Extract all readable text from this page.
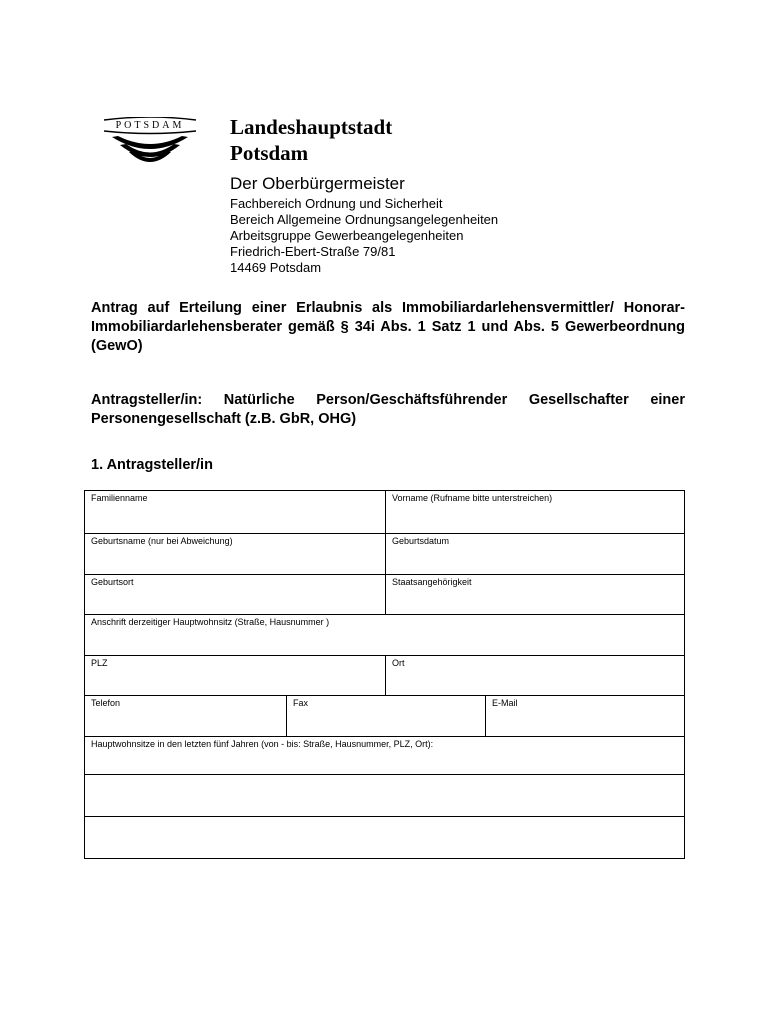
POTSDAM Landeshauptstadt
Potsdam
Der Oberbürgermeister
Fachbereich Ordnung und Sicherheit
Bereich Allgemeine Ordnungsangelegenheiten
Arbeitsgruppe Gewerbeangelegenheiten
Friedrich-Ebert-Straße 79/81
14469 Potsdam
Antrag auf Erteilung einer Erlaubnis als Immobiliardarlehensvermittler/ Honorar-Immobiliardarlehensberater gemäß § 34i Abs. 1 Satz 1 und Abs. 5 Gewerbeordnung (GewO)
Antragsteller/in: Natürliche Person/Geschäftsführender Gesellschafter einer Personengesellschaft (z.B. GbR, OHG)
1. Antragsteller/in
Familienname	Vorname (Rufname bitte unterstreichen)
Geburtsname (nur bei Abweichung)	Geburtsdatum
Geburtsort	Staatsangehörigkeit
Anschrift derzeitiger Hauptwohnsitz (Straße, Hausnummer )
PLZ	Ort
Telefon	Fax	E-Mail
Hauptwohnsitze in den letzten fünf Jahren (von - bis: Straße, Hausnummer, PLZ, Ort):
